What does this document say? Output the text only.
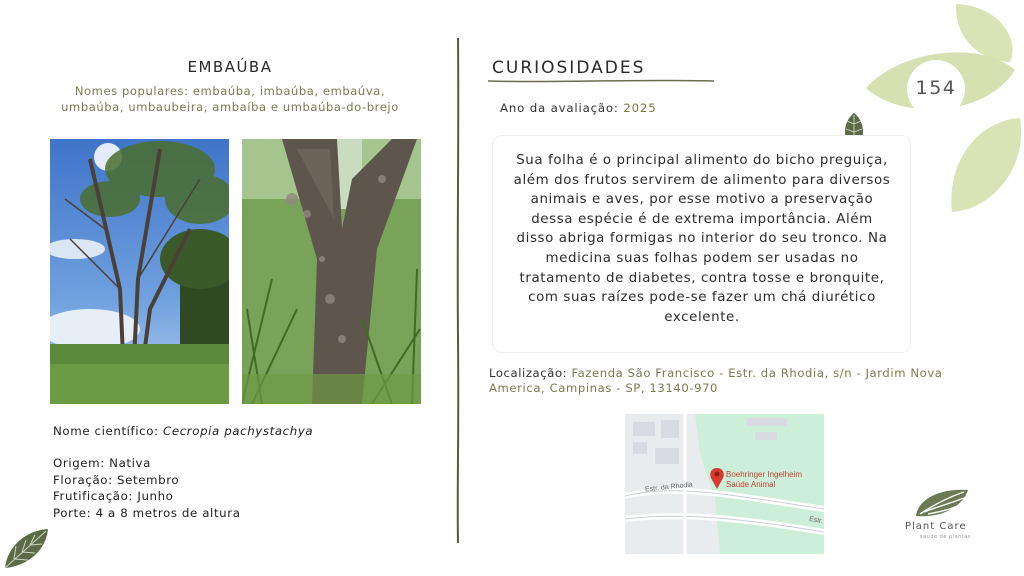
154
EMBAÚBA
Nomes populares: embaúba, imbaúba, embaúva,
umbaúba, umbaubeira, ambaíba e umbaúba-do-brejo
Nome científico: Cecropia pachystachya
Origem: Nativa
Floração: Setembro
Frutificação: Junho
Porte: 4 a 8 metros de altura
CURIOSIDADES
Ano da avaliação: 2025
Sua folha é o principal alimento do bicho preguiça, além dos frutos servirem de alimento para diversos animais e aves, por esse motivo a preservação dessa espécie é de extrema importância. Além disso abriga formigas no interior do seu tronco. Na medicina suas folhas podem ser usadas no tratamento de diabetes, contra tosse e bronquite, com suas raízes pode-se fazer um chá diurético excelente.
Localização: Fazenda São Francisco - Estr. da Rhodia, s/n - Jardim Nova America, Campinas - SP, 13140-970
Boehringer Ingelheim
Saúde Animal
Estr. da Rhodia
Estr.
Plant Care
saúde de plantas
